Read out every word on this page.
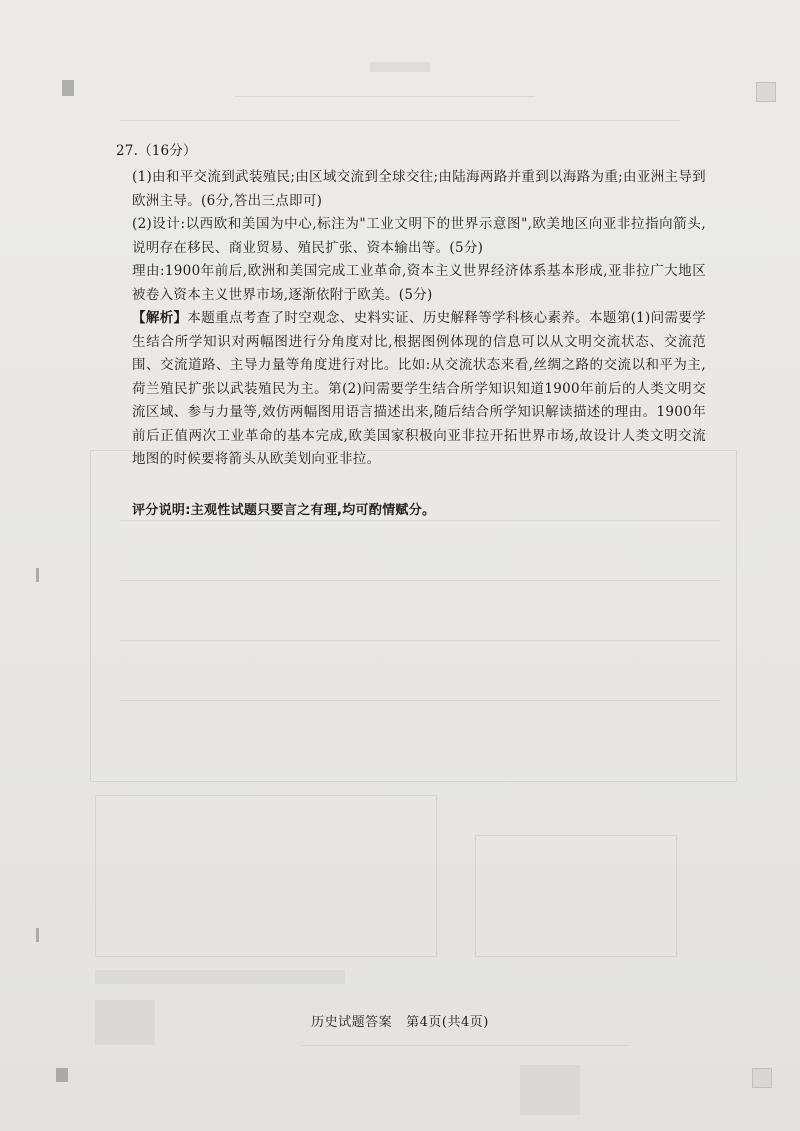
27.（16分）

(1)由和平交流到武装殖民;由区域交流到全球交往;由陆海两路并重到以海路为重;由亚洲主导到欧洲主导。(6分,答出三点即可)

(2)设计:以西欧和美国为中心,标注为"工业文明下的世界示意图",欧美地区向亚非拉指向箭头,说明存在移民、商业贸易、殖民扩张、资本输出等。(5分)

理由:1900年前后,欧洲和美国完成工业革命,资本主义世界经济体系基本形成,亚非拉广大地区被卷入资本主义世界市场,逐渐依附于欧美。(5分)

【解析】本题重点考查了时空观念、史料实证、历史解释等学科核心素养。本题第(1)问需要学生结合所学知识对两幅图进行分角度对比,根据图例体现的信息可以从文明交流状态、交流范围、交流道路、主导力量等角度进行对比。比如:从交流状态来看,丝绸之路的交流以和平为主,荷兰殖民扩张以武装殖民为主。第(2)问需要学生结合所学知识知道1900年前后的人类文明交流区域、参与力量等,效仿两幅图用语言描述出来,随后结合所学知识解读描述的理由。1900年前后正值两次工业革命的基本完成,欧美国家积极向亚非拉开拓世界市场,故设计人类文明交流地图的时候要将箭头从欧美划向亚非拉。

评分说明:主观性试题只要言之有理,均可酌情赋分。

历史试题答案 第4页(共4页)
